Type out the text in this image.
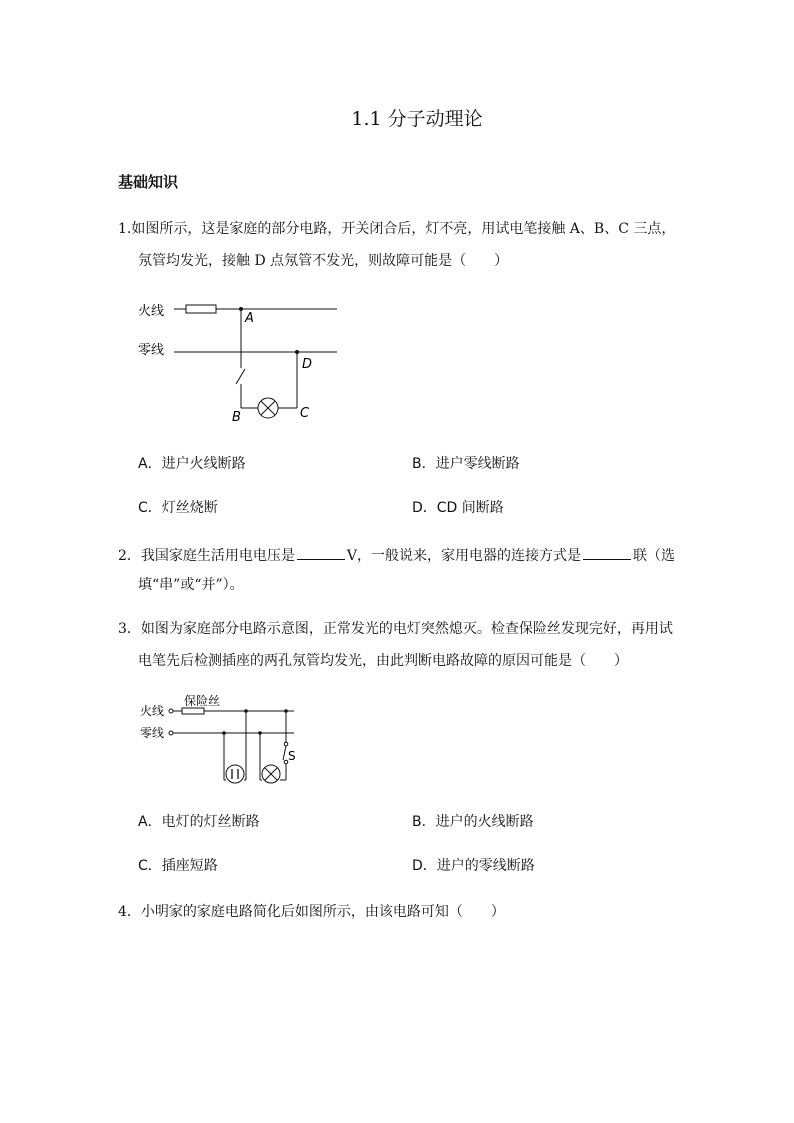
1.1 分子动理论
基础知识
1.如图所示，这是家庭的部分电路，开关闭合后，灯不亮，用试电笔接触 A、B、C 三点，
氖管均发光，接触 D 点氖管不发光，则故障可能是（　　）
火线
零线
A
B	C
D
A．进户火线断路	B．进户零线断路
C．灯丝烧断	D．CD 间断路
2．我国家庭生活用电电压是	V，一般说来，家用电器的连接方式是	联（选
填“串”或“并”）。
3．如图为家庭部分电路示意图，正常发光的电灯突然熄灭。检查保险丝发现完好，再用试
电笔先后检测插座的两孔氖管均发光，由此判断电路故障的原因可能是（　　）
火线
零线
保险丝
S
A．电灯的灯丝断路	B．进户的火线断路
C．插座短路	D．进户的零线断路
4．小明家的家庭电路简化后如图所示，由该电路可知（　　）
